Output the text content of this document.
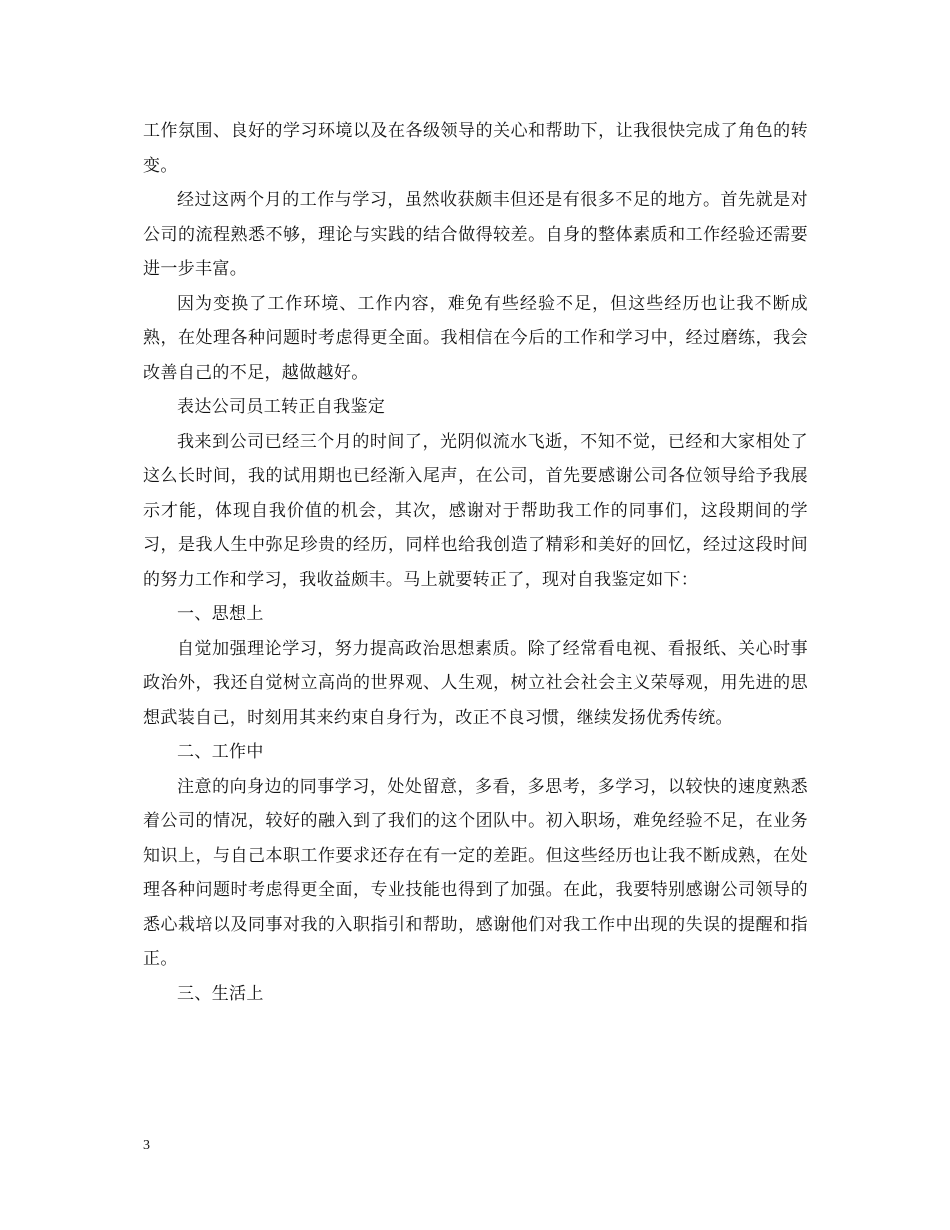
工作氛围、良好的学习环境以及在各级领导的关心和帮助下，让我很快完成了角色的转变。

经过这两个月的工作与学习，虽然收获颇丰但还是有很多不足的地方。首先就是对公司的流程熟悉不够，理论与实践的结合做得较差。自身的整体素质和工作经验还需要进一步丰富。

因为变换了工作环境、工作内容，难免有些经验不足，但这些经历也让我不断成熟，在处理各种问题时考虑得更全面。我相信在今后的工作和学习中，经过磨练，我会改善自己的不足，越做越好。

表达公司员工转正自我鉴定

我来到公司已经三个月的时间了，光阴似流水飞逝，不知不觉，已经和大家相处了这么长时间，我的试用期也已经渐入尾声，在公司，首先要感谢公司各位领导给予我展示才能，体现自我价值的机会，其次，感谢对于帮助我工作的同事们，这段期间的学习，是我人生中弥足珍贵的经历，同样也给我创造了精彩和美好的回忆，经过这段时间的努力工作和学习，我收益颇丰。马上就要转正了，现对自我鉴定如下：

一、思想上

自觉加强理论学习，努力提高政治思想素质。除了经常看电视、看报纸、关心时事政治外，我还自觉树立高尚的世界观、人生观，树立社会社会主义荣辱观，用先进的思想武装自己，时刻用其来约束自身行为，改正不良习惯，继续发扬优秀传统。

二、工作中

注意的向身边的同事学习，处处留意，多看，多思考，多学习，以较快的速度熟悉着公司的情况，较好的融入到了我们的这个团队中。初入职场，难免经验不足，在业务知识上，与自己本职工作要求还存在有一定的差距。但这些经历也让我不断成熟，在处理各种问题时考虑得更全面，专业技能也得到了加强。在此，我要特别感谢公司领导的悉心栽培以及同事对我的入职指引和帮助，感谢他们对我工作中出现的失误的提醒和指正。

三、生活上

3
